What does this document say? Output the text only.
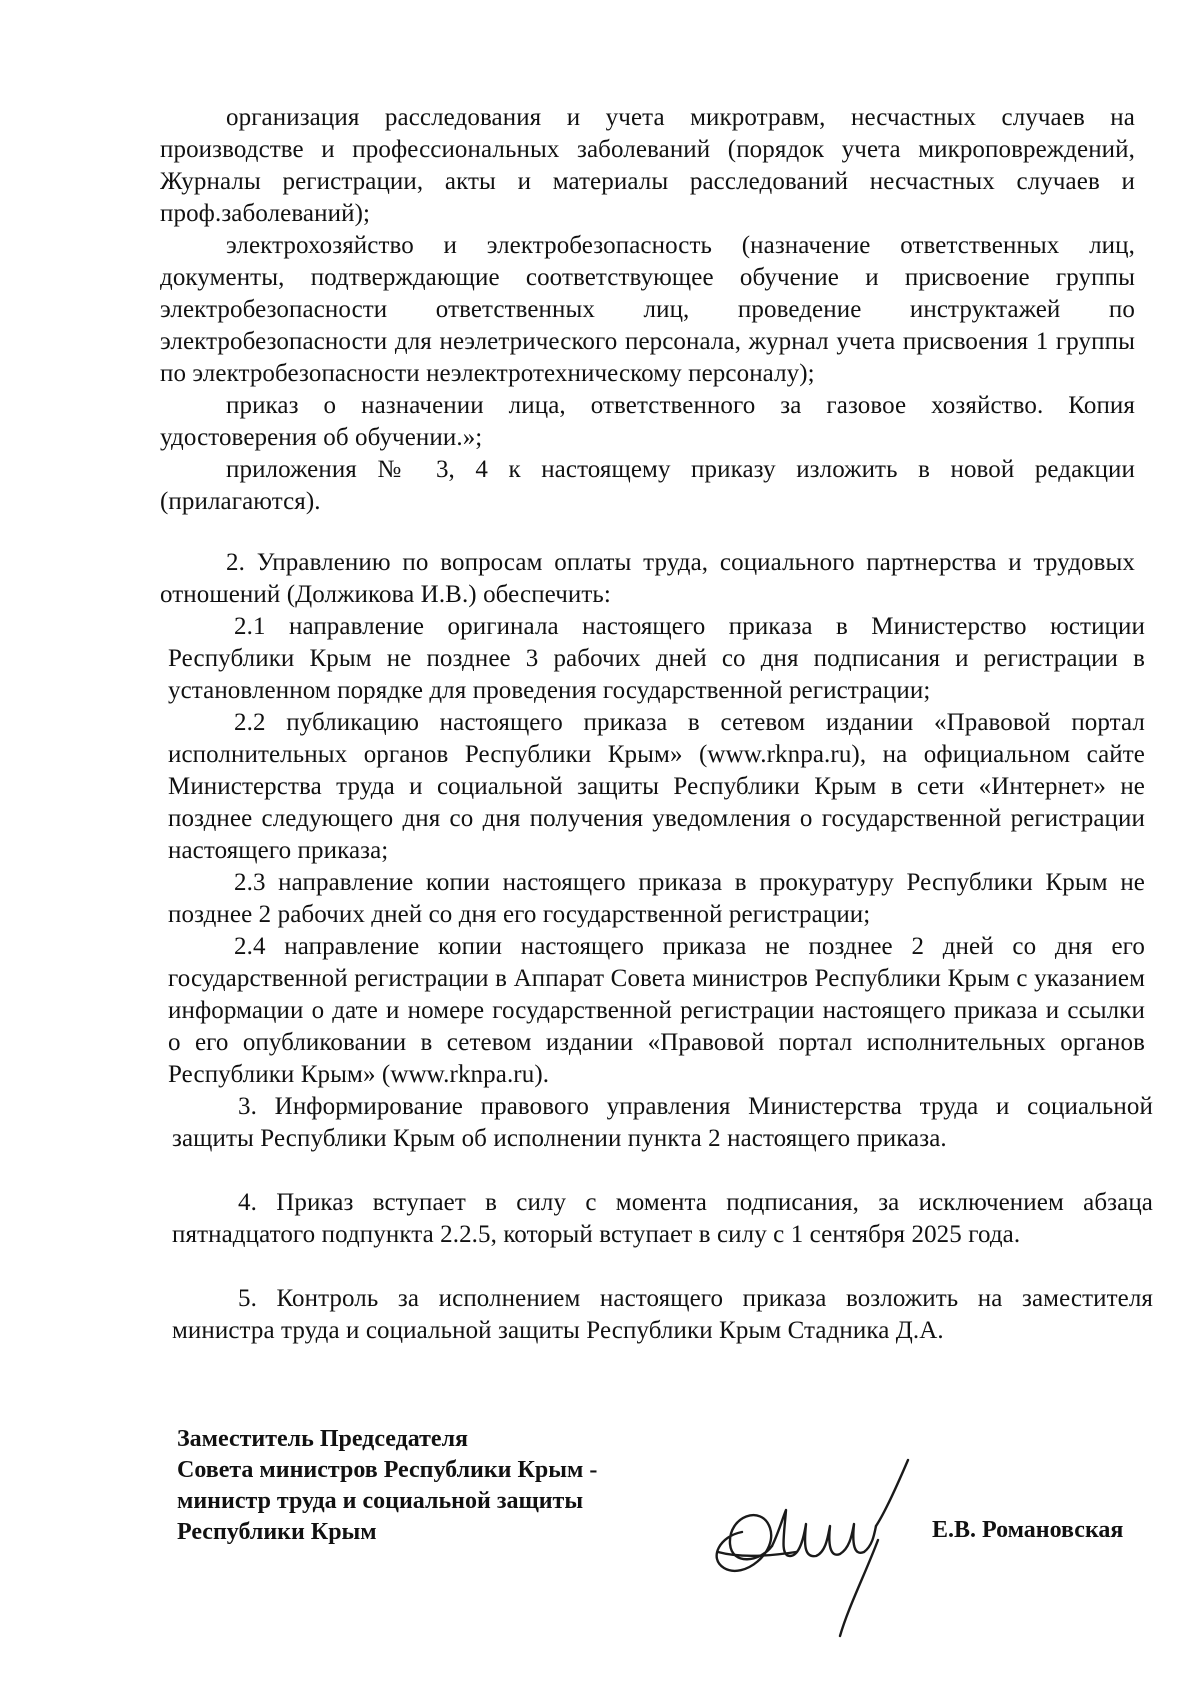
организация расследования и учета микротравм, несчастных случаев на производстве и профессиональных заболеваний (порядок учета микроповреждений, Журналы регистрации, акты и материалы расследований несчастных случаев и проф.заболеваний);

электрохозяйство и электробезопасность (назначение ответственных лиц, документы, подтверждающие соответствующее обучение и присвоение группы электробезопасности ответственных лиц, проведение инструктажей по электробезопасности для неэлетрического персонала, журнал учета присвоения 1 группы по электробезопасности неэлектротехническому персоналу);

приказ о назначении лица, ответственного за газовое хозяйство. Копия удостоверения об обучении.»;

приложения № 3, 4 к настоящему приказу изложить в новой редакции (прилагаются).

2. Управлению по вопросам оплаты труда, социального партнерства и трудовых отношений (Должикова И.В.) обеспечить:

2.1 направление оригинала настоящего приказа в Министерство юстиции Республики Крым не позднее 3 рабочих дней со дня подписания и регистрации в установленном порядке для проведения государственной регистрации;

2.2 публикацию настоящего приказа в сетевом издании «Правовой портал исполнительных органов Республики Крым» (www.rknpa.ru), на официальном сайте Министерства труда и социальной защиты Республики Крым в сети «Интернет» не позднее следующего дня со дня получения уведомления о государственной регистрации настоящего приказа;

2.3 направление копии настоящего приказа в прокуратуру Республики Крым не позднее 2 рабочих дней со дня его государственной регистрации;

2.4 направление копии настоящего приказа не позднее 2 дней со дня его государственной регистрации в Аппарат Совета министров Республики Крым с указанием информации о дате и номере государственной регистрации настоящего приказа и ссылки о его опубликовании в сетевом издании «Правовой портал исполнительных органов Республики Крым» (www.rknpa.ru).

3. Информирование правового управления Министерства труда и социальной защиты Республики Крым об исполнении пункта 2 настоящего приказа.

4. Приказ вступает в силу с момента подписания, за исключением абзаца пятнадцатого подпункта 2.2.5, который вступает в силу с 1 сентября 2025 года.

5. Контроль за исполнением настоящего приказа возложить на заместителя министра труда и социальной защиты Республики Крым Стадника Д.А.

Заместитель Председателя
Совета министров Республики Крым -
министр труда и социальной защиты
Республики Крым	Е.В. Романовская
